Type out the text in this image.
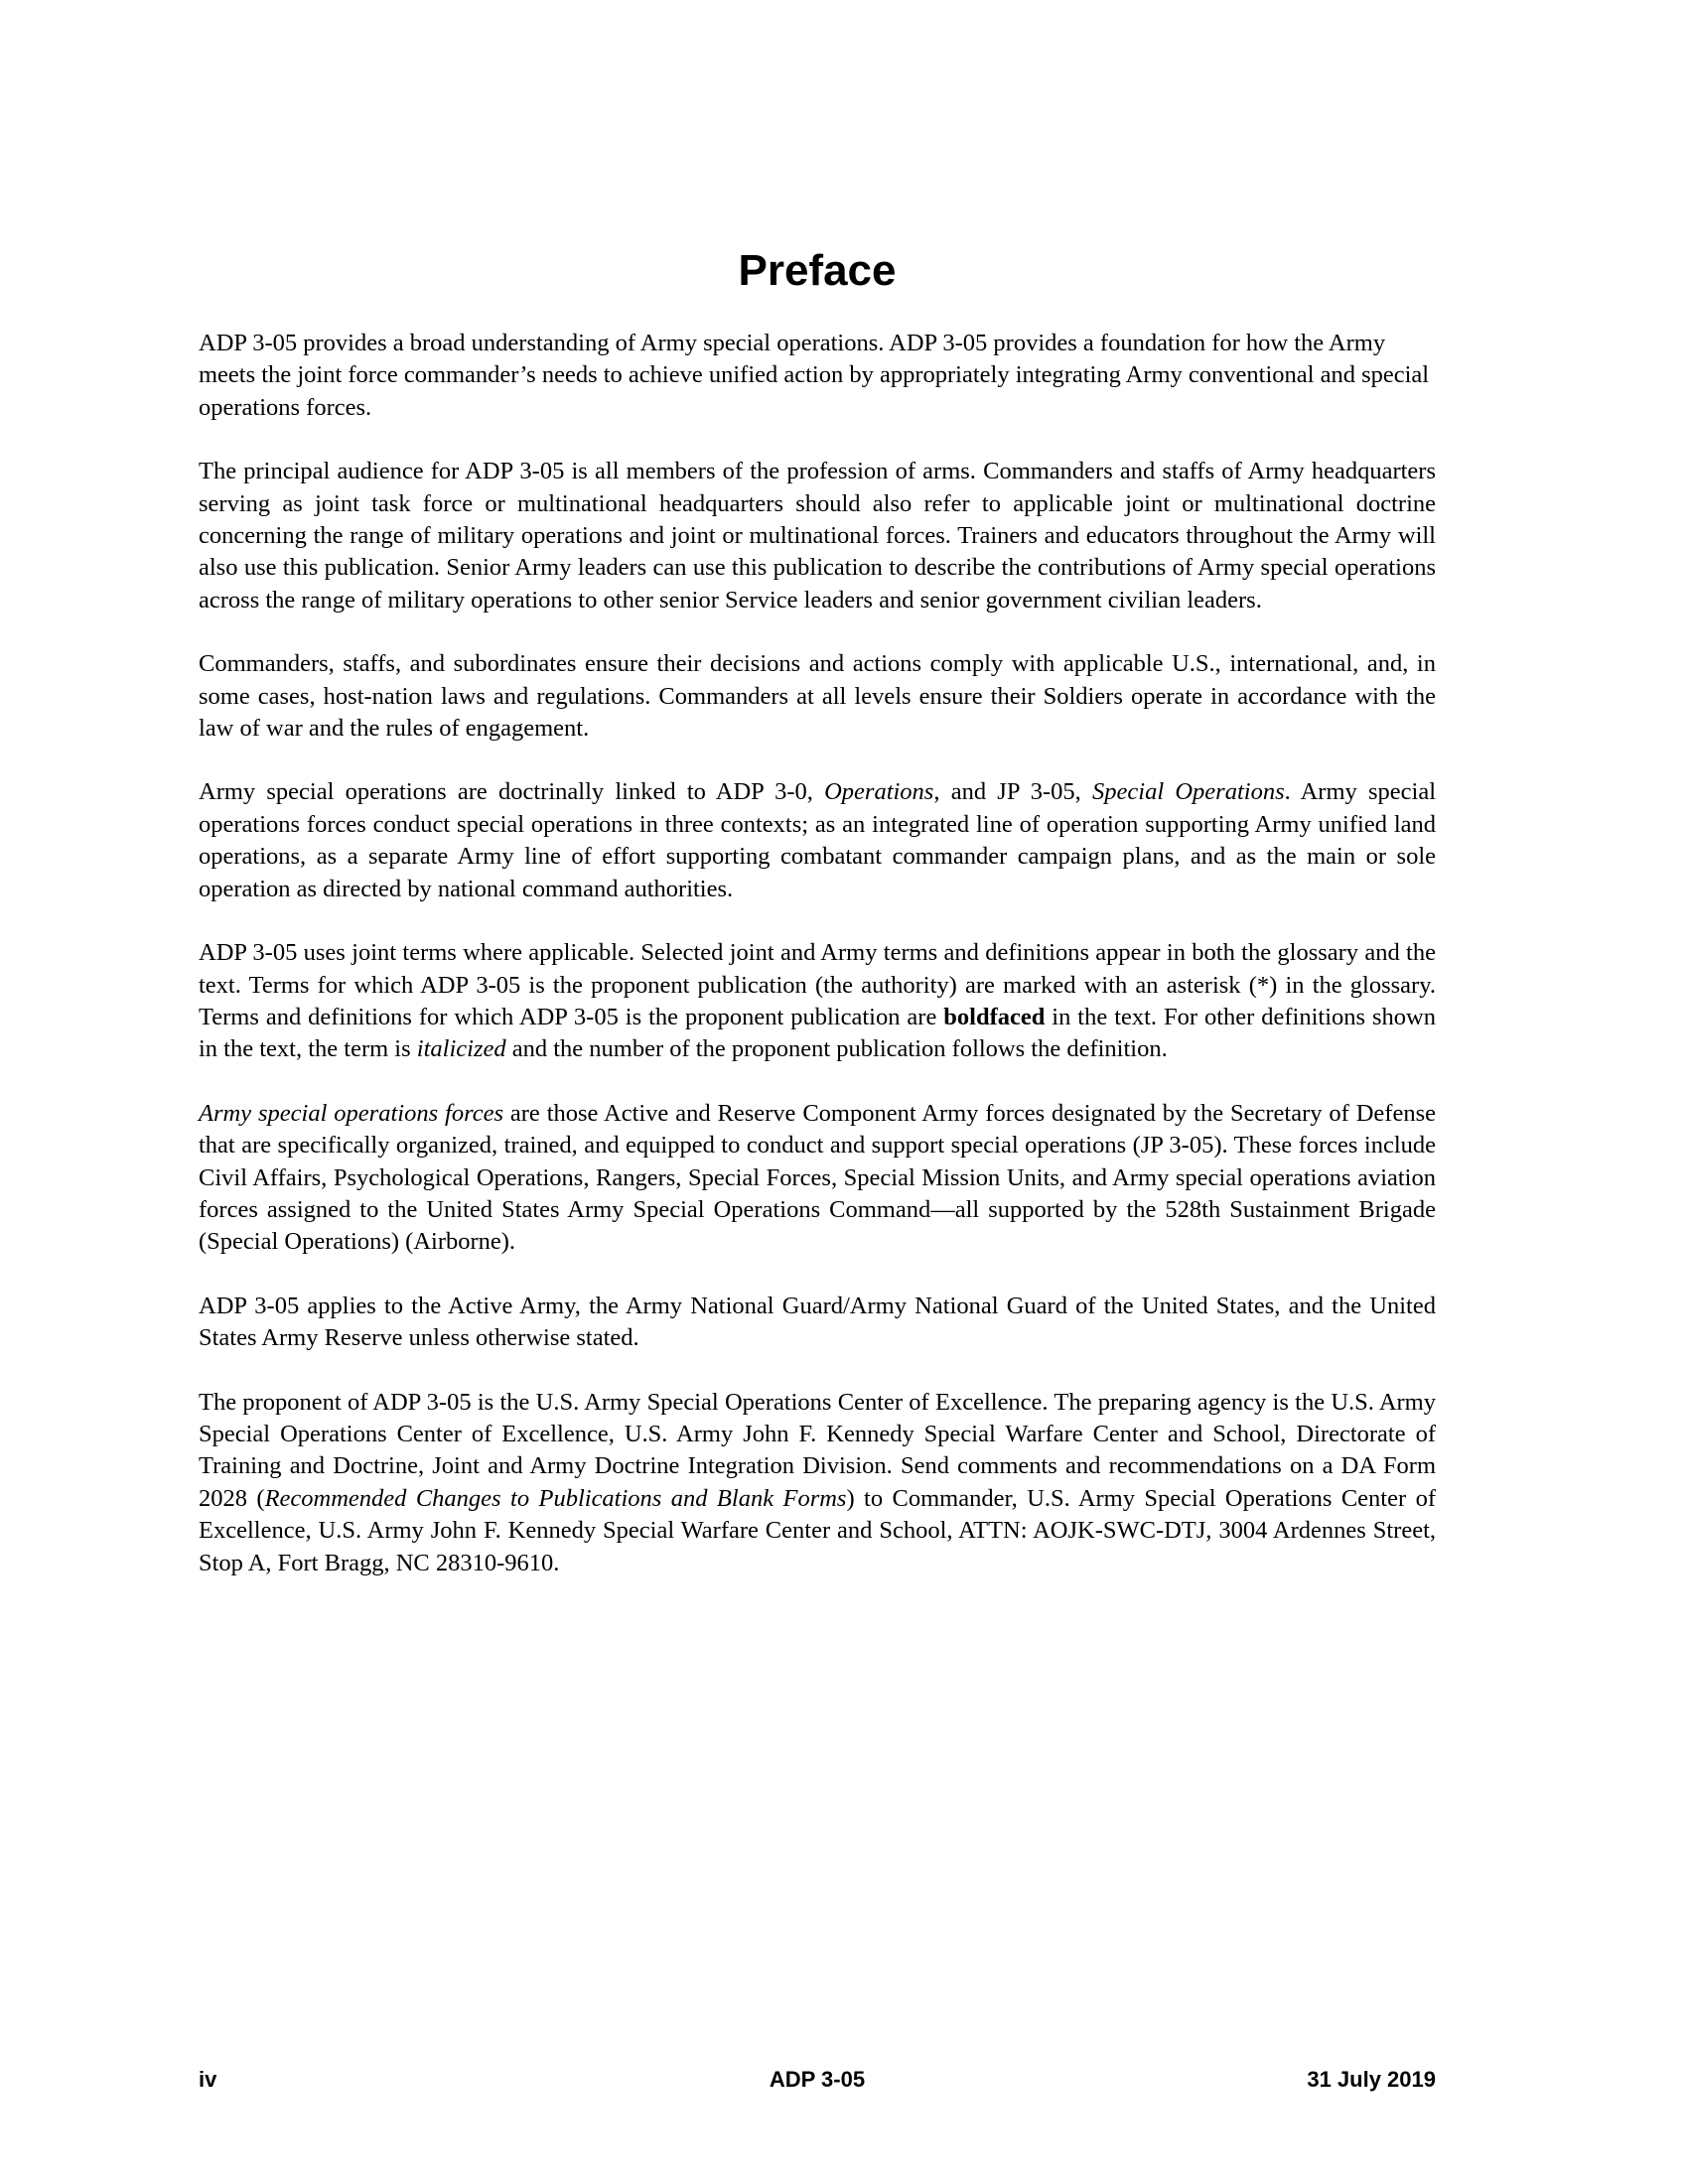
Preface

ADP 3-05 provides a broad understanding of Army special operations. ADP 3-05 provides a foundation for how the Army meets the joint force commander’s needs to achieve unified action by appropriately integrating Army conventional and special operations forces.

The principal audience for ADP 3-05 is all members of the profession of arms. Commanders and staffs of Army headquarters serving as joint task force or multinational headquarters should also refer to applicable joint or multinational doctrine concerning the range of military operations and joint or multinational forces. Trainers and educators throughout the Army will also use this publication. Senior Army leaders can use this publication to describe the contributions of Army special operations across the range of military operations to other senior Service leaders and senior government civilian leaders.

Commanders, staffs, and subordinates ensure their decisions and actions comply with applicable U.S., international, and, in some cases, host-nation laws and regulations. Commanders at all levels ensure their Soldiers operate in accordance with the law of war and the rules of engagement.

Army special operations are doctrinally linked to ADP 3-0, Operations, and JP 3-05, Special Operations. Army special operations forces conduct special operations in three contexts; as an integrated line of operation supporting Army unified land operations, as a separate Army line of effort supporting combatant commander campaign plans, and as the main or sole operation as directed by national command authorities.

ADP 3-05 uses joint terms where applicable. Selected joint and Army terms and definitions appear in both the glossary and the text. Terms for which ADP 3-05 is the proponent publication (the authority) are marked with an asterisk (*) in the glossary. Terms and definitions for which ADP 3-05 is the proponent publication are boldfaced in the text. For other definitions shown in the text, the term is italicized and the number of the proponent publication follows the definition.

Army special operations forces are those Active and Reserve Component Army forces designated by the Secretary of Defense that are specifically organized, trained, and equipped to conduct and support special operations (JP 3-05). These forces include Civil Affairs, Psychological Operations, Rangers, Special Forces, Special Mission Units, and Army special operations aviation forces assigned to the United States Army Special Operations Command—all supported by the 528th Sustainment Brigade (Special Operations) (Airborne).

ADP 3-05 applies to the Active Army, the Army National Guard/Army National Guard of the United States, and the United States Army Reserve unless otherwise stated.

The proponent of ADP 3-05 is the U.S. Army Special Operations Center of Excellence. The preparing agency is the U.S. Army Special Operations Center of Excellence, U.S. Army John F. Kennedy Special Warfare Center and School, Directorate of Training and Doctrine, Joint and Army Doctrine Integration Division. Send comments and recommendations on a DA Form 2028 (Recommended Changes to Publications and Blank Forms) to Commander, U.S. Army Special Operations Center of Excellence, U.S. Army John F. Kennedy Special Warfare Center and School, ATTN: AOJK-SWC-DTJ, 3004 Ardennes Street, Stop A, Fort Bragg, NC 28310-9610.

iv	ADP 3-05	31 July 2019
